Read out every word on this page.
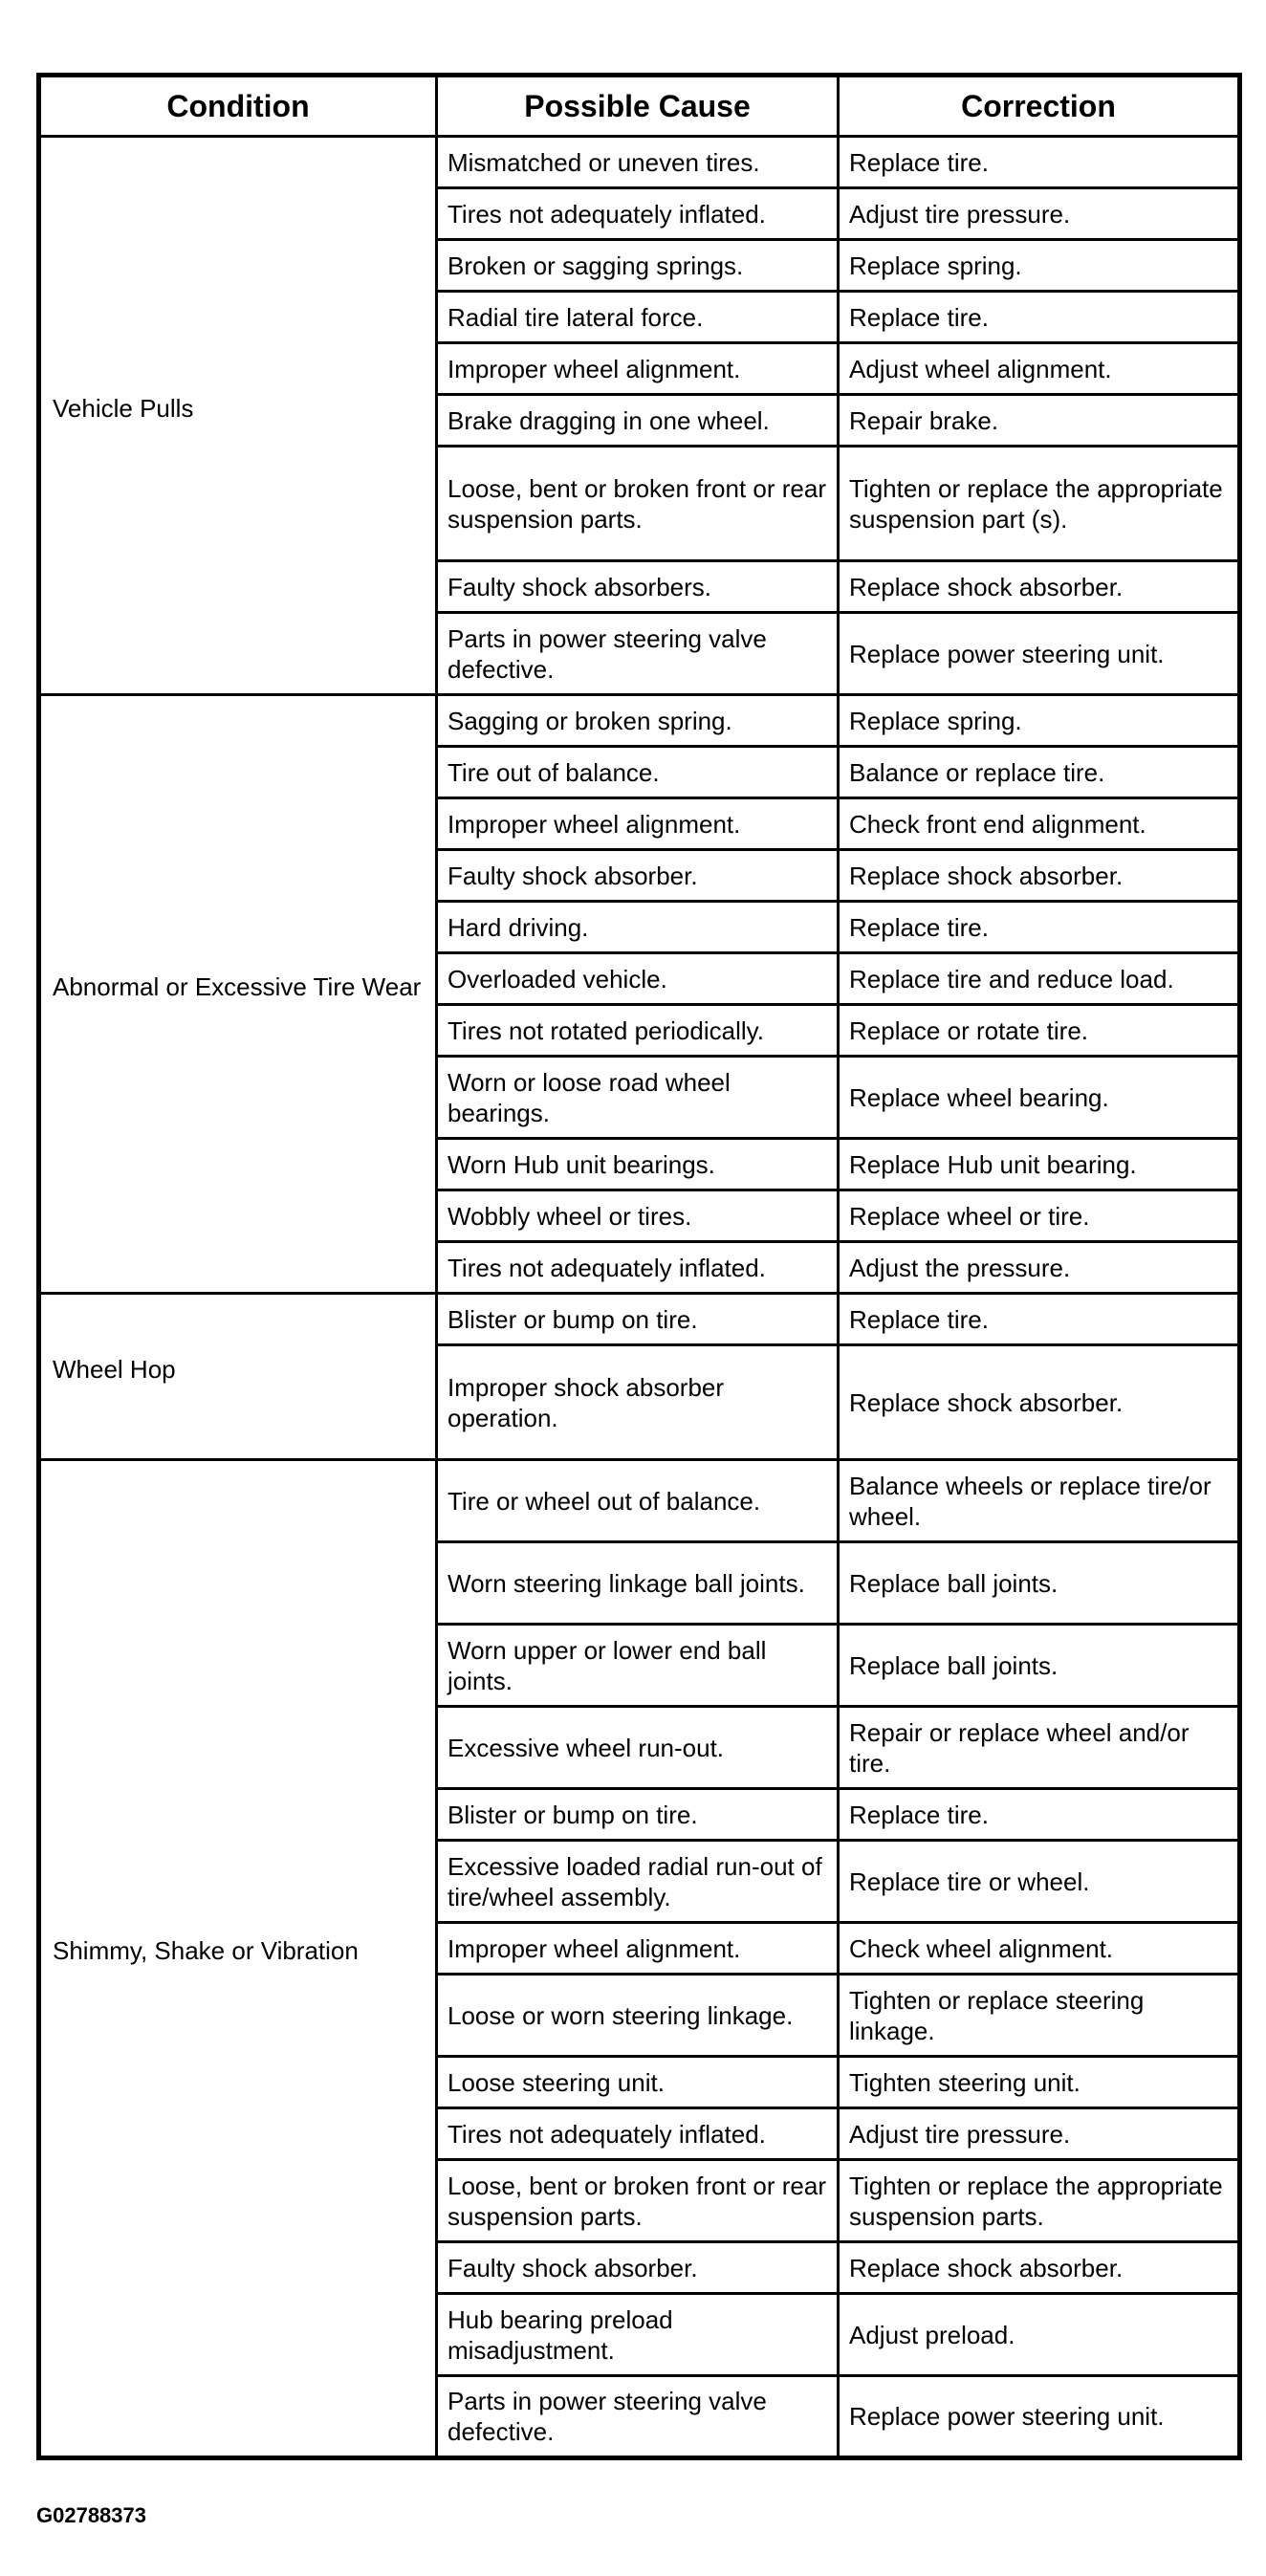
Condition	Possible Cause	Correction

Vehicle Pulls	Mismatched or uneven tires.	Replace tire.
	Tires not adequately inflated.	Adjust tire pressure.
	Broken or sagging springs.	Replace spring.
	Radial tire lateral force.	Replace tire.
	Improper wheel alignment.	Adjust wheel alignment.
	Brake dragging in one wheel.	Repair brake.
	Loose, bent or broken front or rear suspension parts.	Tighten or replace the appropriate suspension part (s).
	Faulty shock absorbers.	Replace shock absorber.
	Parts in power steering valve defective.	Replace power steering unit.

Abnormal or Excessive Tire Wear	Sagging or broken spring.	Replace spring.
	Tire out of balance.	Balance or replace tire.
	Improper wheel alignment.	Check front end alignment.
	Faulty shock absorber.	Replace shock absorber.
	Hard driving.	Replace tire.
	Overloaded vehicle.	Replace tire and reduce load.
	Tires not rotated periodically.	Replace or rotate tire.
	Worn or loose road wheel bearings.	Replace wheel bearing.
	Worn Hub unit bearings.	Replace Hub unit bearing.
	Wobbly wheel or tires.	Replace wheel or tire.
	Tires not adequately inflated.	Adjust the pressure.

Wheel Hop	Blister or bump on tire.	Replace tire.
	Improper shock absorber operation.	Replace shock absorber.

Shimmy, Shake or Vibration	Tire or wheel out of balance.	Balance wheels or replace tire/or wheel.
	Worn steering linkage ball joints.	Replace ball joints.
	Worn upper or lower end ball joints.	Replace ball joints.
	Excessive wheel run-out.	Repair or replace wheel and/or tire.
	Blister or bump on tire.	Replace tire.
	Excessive loaded radial run-out of tire/wheel assembly.	Replace tire or wheel.
	Improper wheel alignment.	Check wheel alignment.
	Loose or worn steering linkage.	Tighten or replace steering linkage.
	Loose steering unit.	Tighten steering unit.
	Tires not adequately inflated.	Adjust tire pressure.
	Loose, bent or broken front or rear suspension parts.	Tighten or replace the appropriate suspension parts.
	Faulty shock absorber.	Replace shock absorber.
	Hub bearing preload misadjustment.	Adjust preload.
	Parts in power steering valve defective.	Replace power steering unit.
G02788373
